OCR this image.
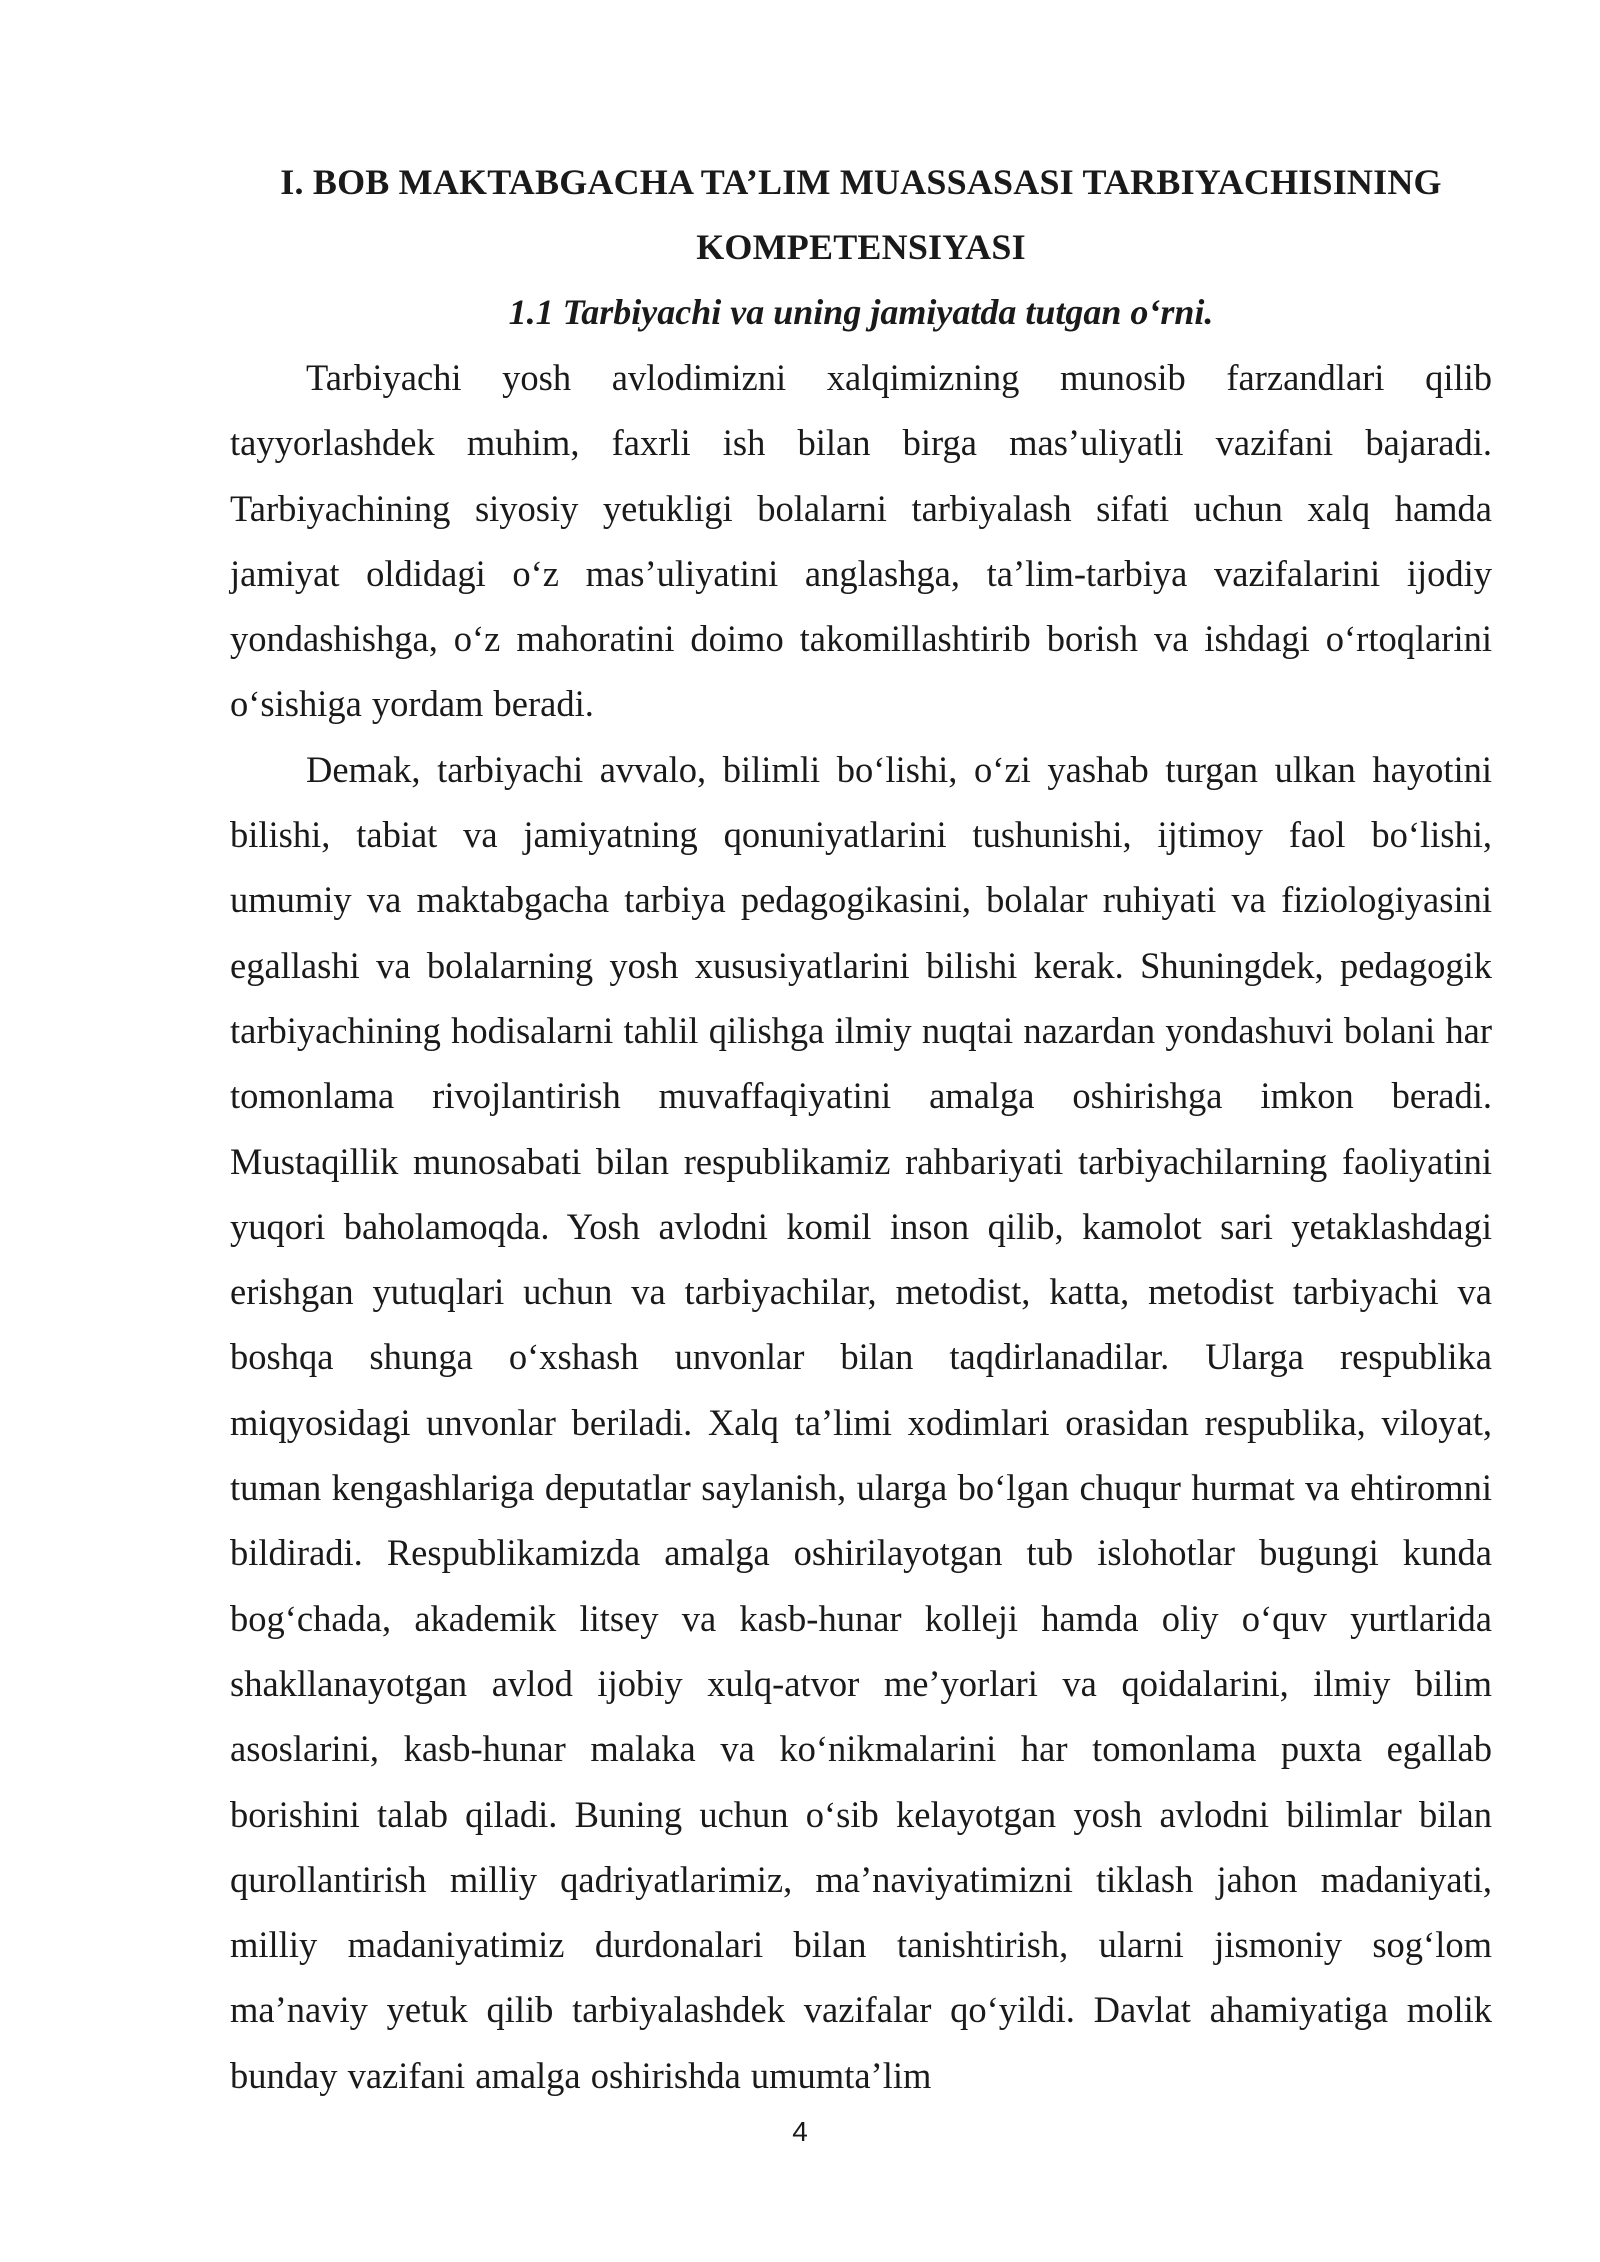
I. BOB MAKTABGACHA TA’LIM MUASSASASI TARBIYACHISINING KOMPETENSIYASI
1.1 Tarbiyachi va uning jamiyatda tutgan o‘rni.

Tarbiyachi yosh avlodimizni xalqimizning munosib farzandlari qilib tayyorlashdek muhim, faxrli ish bilan birga mas’uliyatli vazifani bajaradi. Tarbiyachining siyosiy yetukligi bolalarni tarbiyalash sifati uchun xalq hamda jamiyat oldidagi o‘z mas’uliyatini anglashga, ta’lim-tarbiya vazifalarini ijodiy yondashishga, o‘z mahoratini doimo takomillashtirib borish va ishdagi o‘rtoqlarini o‘sishiga yordam beradi.

Demak, tarbiyachi avvalo, bilimli bo‘lishi, o‘zi yashab turgan ulkan hayotini bilishi, tabiat va jamiyatning qonuniyatlarini tushunishi, ijtimoy faol bo‘lishi, umumiy va maktabgacha tarbiya pedagogikasini, bolalar ruhiyati va fiziologiyasini egallashi va bolalarning yosh xususiyatlarini bilishi kerak. Shuningdek, pedagogik tarbiyachining hodisalarni tahlil qilishga ilmiy nuqtai nazardan yondashuvi bolani har tomonlama rivojlantirish muvaffaqiyatini amalga oshirishga imkon beradi. Mustaqillik munosabati bilan respublikamiz rahbariyati tarbiyachilarning faoliyatini yuqori baholamoqda. Yosh avlodni komil inson qilib, kamolot sari yetaklashdagi erishgan yutuqlari uchun va tarbiyachilar, metodist, katta, metodist tarbiyachi va boshqa shunga o‘xshash unvonlar bilan taqdirlanadilar. Ularga respublika miqyosidagi unvonlar beriladi. Xalq ta’limi xodimlari orasidan respublika, viloyat, tuman kengashlariga deputatlar saylanish, ularga bo‘lgan chuqur hurmat va ehtiromni bildiradi. Respublikamizda amalga oshirilayotgan tub islohotlar bugungi kunda bog‘chada, akademik litsey va kasb-hunar kolleji hamda oliy o‘quv yurtlarida shakllanayotgan avlod ijobiy xulq-atvor me’yorlari va qoidalarini, ilmiy bilim asoslarini, kasb-hunar malaka va ko‘nikmalarini har tomonlama puxta egallab borishini talab qiladi. Buning uchun o‘sib kelayotgan yosh avlodni bilimlar bilan qurollantirish milliy qadriyatlarimiz, ma’naviyatimizni tiklash jahon madaniyati, milliy madaniyatimiz durdonalari bilan tanishtirish, ularni jismoniy sog‘lom ma’naviy yetuk qilib tarbiyalashdek vazifalar qo‘yildi. Davlat ahamiyatiga molik bunday vazifani amalga oshirishda umumta’lim

4
